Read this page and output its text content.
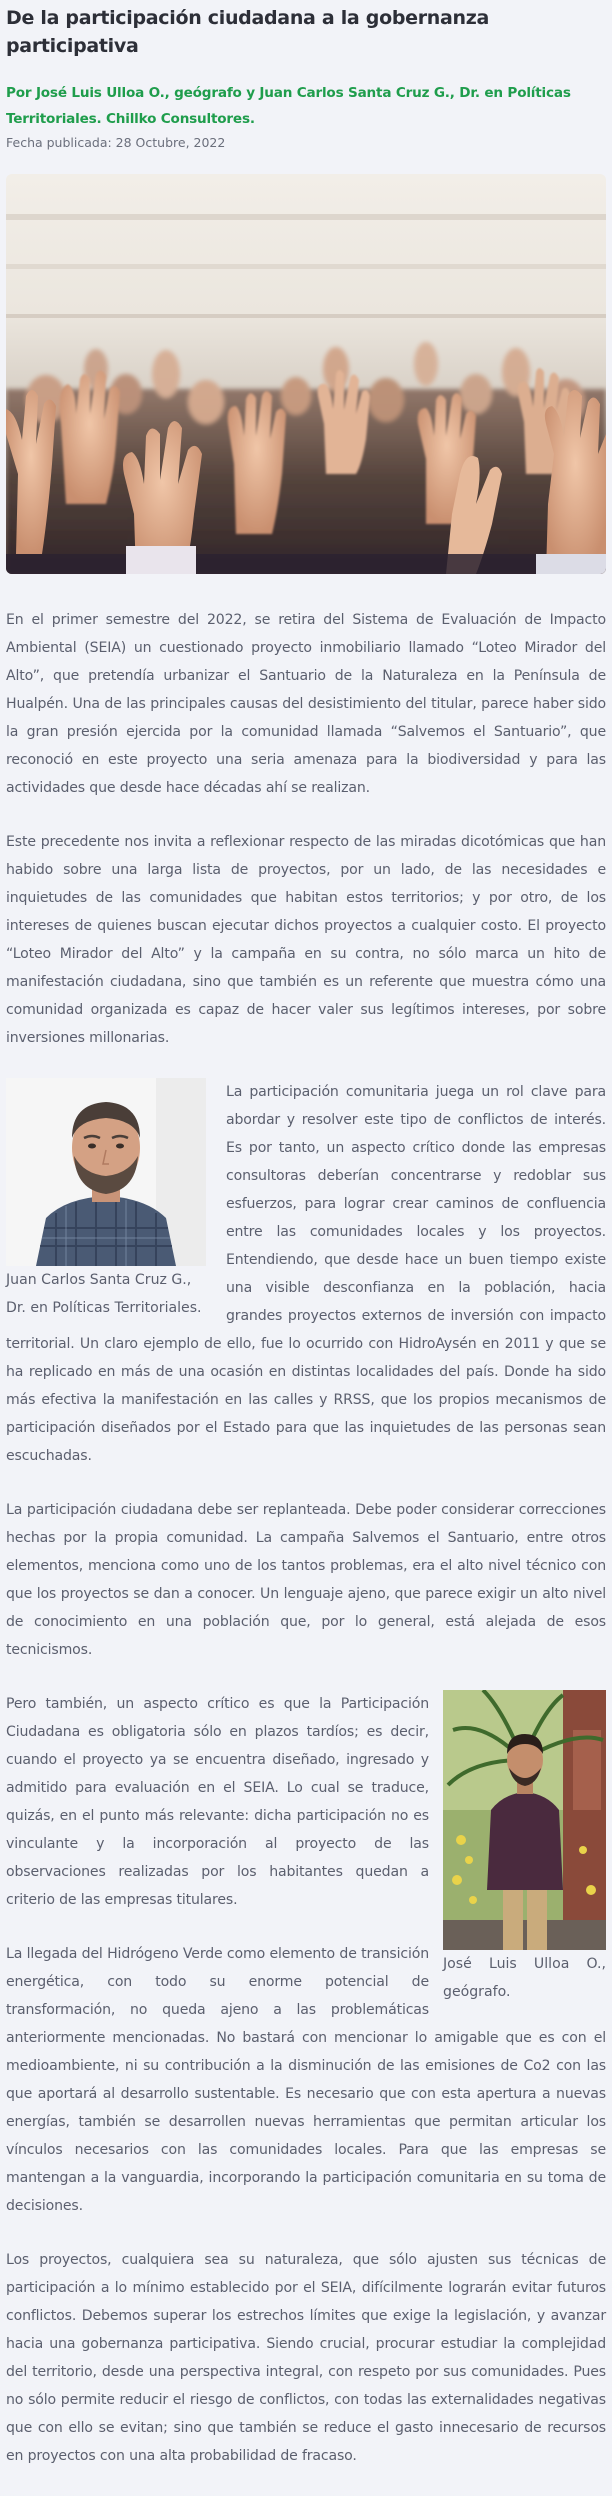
De la participación ciudadana a la gobernanza participativa
Por José Luis Ulloa O., geógrafo y Juan Carlos Santa Cruz G., Dr. en Políticas Territoriales. Chillko Consultores.
Fecha publicada: 28 Octubre, 2022

En el primer semestre del 2022, se retira del Sistema de Evaluación de Impacto Ambiental (SEIA) un cuestionado proyecto inmobiliario llamado “Loteo Mirador del Alto”, que pretendía urbanizar el Santuario de la Naturaleza en la Península de Hualpén. Una de las principales causas del desistimiento del titular, parece haber sido la gran presión ejercida por la comunidad llamada “Salvemos el Santuario”, que reconoció en este proyecto una seria amenaza para la biodiversidad y para las actividades que desde hace décadas ahí se realizan.

Este precedente nos invita a reflexionar respecto de las miradas dicotómicas que han habido sobre una larga lista de proyectos, por un lado, de las necesidades e inquietudes de las comunidades que habitan estos territorios; y por otro, de los intereses de quienes buscan ejecutar dichos proyectos a cualquier costo. El proyecto “Loteo Mirador del Alto” y la campaña en su contra, no sólo marca un hito de manifestación ciudadana, sino que también es un referente que muestra cómo una comunidad organizada es capaz de hacer valer sus legítimos intereses, por sobre inversiones millonarias.

Juan Carlos Santa Cruz G., Dr. en Políticas Territoriales.

La participación comunitaria juega un rol clave para abordar y resolver este tipo de conflictos de interés. Es por tanto, un aspecto crítico donde las empresas consultoras deberían concentrarse y redoblar sus esfuerzos, para lograr crear caminos de confluencia entre las comunidades locales y los proyectos. Entendiendo, que desde hace un buen tiempo existe una visible desconfianza en la población, hacia grandes proyectos externos de inversión con impacto territorial. Un claro ejemplo de ello, fue lo ocurrido con HidroAysén en 2011 y que se ha replicado en más de una ocasión en distintas localidades del país. Donde ha sido más efectiva la manifestación en las calles y RRSS, que los propios mecanismos de participación diseñados por el Estado para que las inquietudes de las personas sean escuchadas.

La participación ciudadana debe ser replanteada. Debe poder considerar correcciones hechas por la propia comunidad. La campaña Salvemos el Santuario, entre otros elementos, menciona como uno de los tantos problemas, era el alto nivel técnico con que los proyectos se dan a conocer. Un lenguaje ajeno, que parece exigir un alto nivel de conocimiento en una población que, por lo general, está alejada de esos tecnicismos.

José Luis Ulloa O., geógrafo.

Pero también, un aspecto crítico es que la Participación Ciudadana es obligatoria sólo en plazos tardíos; es decir, cuando el proyecto ya se encuentra diseñado, ingresado y admitido para evaluación en el SEIA. Lo cual se traduce, quizás, en el punto más relevante: dicha participación no es vinculante y la incorporación al proyecto de las observaciones realizadas por los habitantes quedan a criterio de las empresas titulares.

La llegada del Hidrógeno Verde como elemento de transición energética, con todo su enorme potencial de transformación, no queda ajeno a las problemáticas anteriormente mencionadas. No bastará con mencionar lo amigable que es con el medioambiente, ni su contribución a la disminución de las emisiones de Co2 con las que aportará al desarrollo sustentable. Es necesario que con esta apertura a nuevas energías, también se desarrollen nuevas herramientas que permitan articular los vínculos necesarios con las comunidades locales. Para que las empresas se mantengan a la vanguardia, incorporando la participación comunitaria en su toma de decisiones.

Los proyectos, cualquiera sea su naturaleza, que sólo ajusten sus técnicas de participación a lo mínimo establecido por el SEIA, difícilmente lograrán evitar futuros conflictos. Debemos superar los estrechos límites que exige la legislación, y avanzar hacia una gobernanza participativa. Siendo crucial, procurar estudiar la complejidad del territorio, desde una perspectiva integral, con respeto por sus comunidades. Pues no sólo permite reducir el riesgo de conflictos, con todas las externalidades negativas que con ello se evitan; sino que también se reduce el gasto innecesario de recursos en proyectos con una alta probabilidad de fracaso.
